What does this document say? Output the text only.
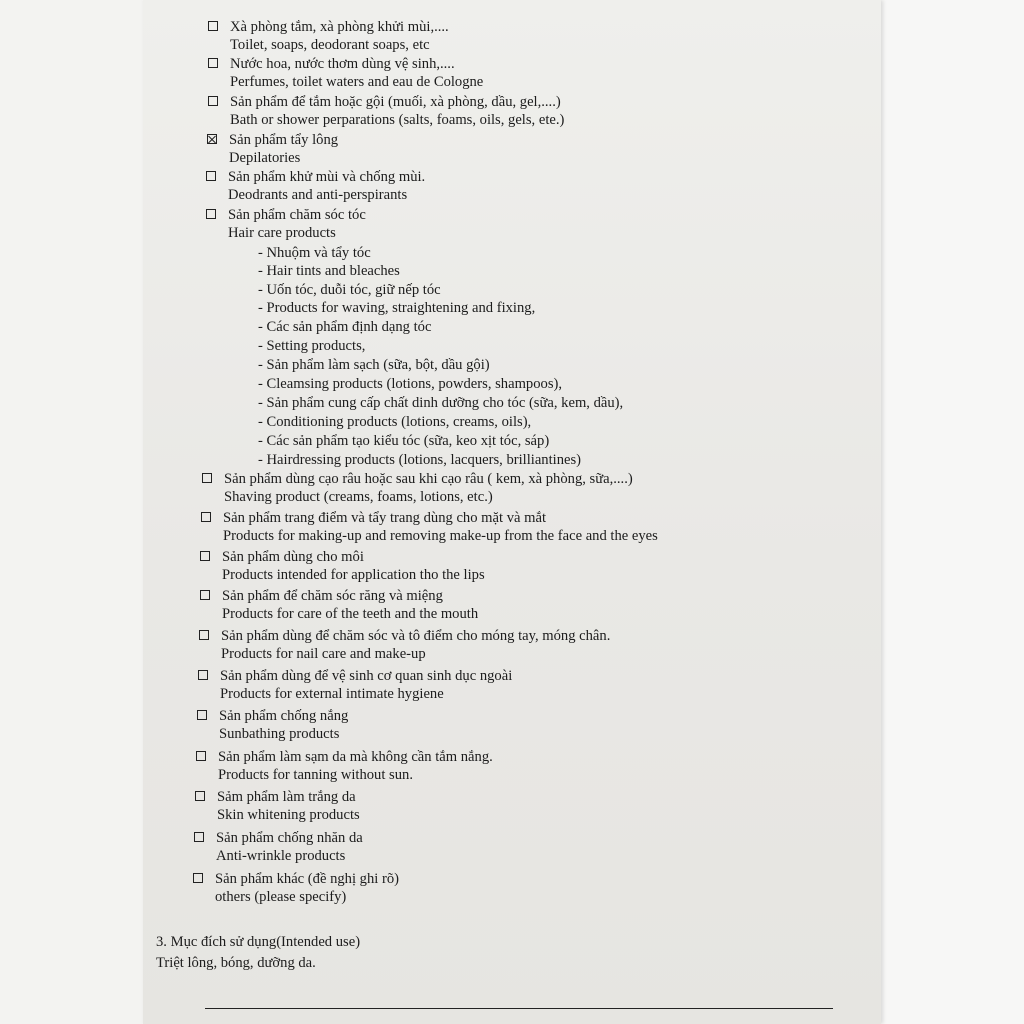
Xà phòng tắm, xà phòng khửi mùi,....
Toilet, soaps, deodorant soaps, etc
Nước hoa, nước thơm dùng vệ sinh,....
Perfumes, toilet waters and eau de Cologne
Sản phẩm để tắm hoặc gội (muối, xà phòng, dầu, gel,....)
Bath or shower perparations (salts, foams, oils, gels, ete.)
Sản phẩm tẩy lông
Depilatories
Sản phẩm khử mùi và chống mùi.
Deodrants and anti-perspirants
Sản phẩm chăm sóc tóc
Hair care products
- Nhuộm và tẩy tóc
- Hair tints and bleaches
- Uốn tóc, duỗi tóc, giữ nếp tóc
- Products for waving, straightening and fixing,
- Các sản phẩm định dạng tóc
- Setting products,
- Sản phẩm làm sạch (sữa, bột, dầu gội)
- Cleamsing products (lotions, powders, shampoos),
- Sản phẩm cung cấp chất dinh dưỡng cho tóc (sữa, kem, dầu),
- Conditioning products (lotions, creams, oils),
- Các sản phẩm tạo kiểu tóc (sữa, keo xịt tóc, sáp)
- Hairdressing products (lotions, lacquers, brilliantines)
Sản phẩm dùng cạo râu hoặc sau khi cạo râu ( kem, xà phòng, sữa,....)
Shaving product (creams, foams, lotions, etc.)
Sản phẩm trang điểm và tẩy trang dùng cho mặt và mắt
Products for making-up and removing make-up from the face and the eyes
Sản phẩm dùng cho môi
Products intended for application tho the lips
Sản phẩm để chăm sóc răng và miệng
Products for care of the teeth and the mouth
Sản phẩm dùng để chăm sóc và tô điểm cho móng tay, móng chân.
Products for nail care and make-up
Sản phẩm dùng để vệ sinh cơ quan sinh dục ngoài
Products for external intimate hygiene
Sản phẩm chống nắng
Sunbathing products
Sản phẩm làm sạm da mà không cần tắm nắng.
Products for tanning without sun.
Sảm phẩm làm trắng da
Skin whitening products
Sản phẩm chống nhăn da
Anti-wrinkle products
Sản phẩm khác (đề nghị ghi rõ)
others (please specify)
3. Mục đích sử dụng(Intended use)
Triệt lông, bóng, dưỡng da.
